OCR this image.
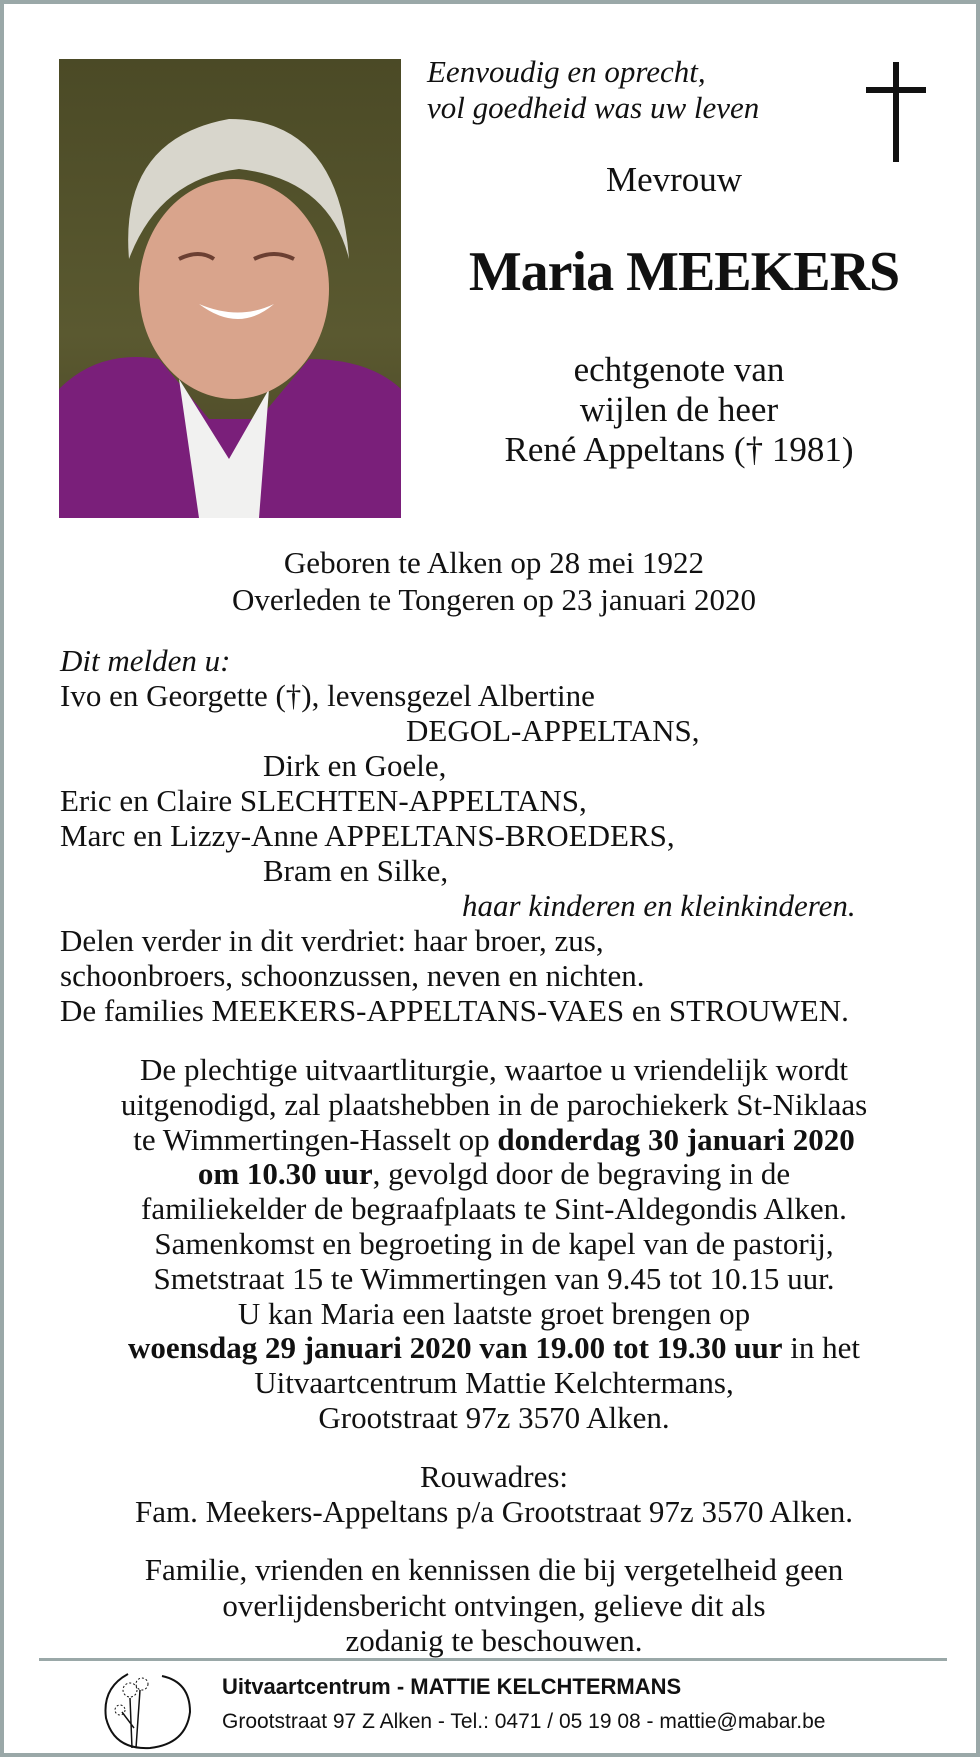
Eenvoudig en oprecht,
vol goedheid was uw leven
Mevrouw
Maria MEEKERS
echtgenote van
wijlen de heer
René Appeltans († 1981)
Geboren te Alken op 28 mei 1922
Overleden te Tongeren op 23 januari 2020
Dit melden u:
Ivo en Georgette (†), levensgezel Albertine
DEGOL-APPELTANS,
Dirk en Goele,
Eric en Claire SLECHTEN-APPELTANS,
Marc en Lizzy-Anne APPELTANS-BROEDERS,
Bram en Silke,
haar kinderen en kleinkinderen.
Delen verder in dit verdriet: haar broer, zus,
schoonbroers, schoonzussen, neven en nichten.
De families MEEKERS-APPELTANS-VAES en STROUWEN.
De plechtige uitvaartliturgie, waartoe u vriendelijk wordt
uitgenodigd, zal plaatshebben in de parochiekerk St-Niklaas
te Wimmertingen-Hasselt op donderdag 30 januari 2020
om 10.30 uur, gevolgd door de begraving in de
familiekelder de begraafplaats te Sint-Aldegondis Alken.
Samenkomst en begroeting in de kapel van de pastorij,
Smetstraat 15 te Wimmertingen van 9.45 tot 10.15 uur.
U kan Maria een laatste groet brengen op
woensdag 29 januari 2020 van 19.00 tot 19.30 uur in het
Uitvaartcentrum Mattie Kelchtermans,
Grootstraat 97z 3570 Alken.
Rouwadres:
Fam. Meekers-Appeltans p/a Grootstraat 97z 3570 Alken.
Familie, vrienden en kennissen die bij vergetelheid geen
overlijdensbericht ontvingen, gelieve dit als
zodanig te beschouwen.
Uitvaartcentrum - MATTIE KELCHTERMANS
Grootstraat 97 Z Alken - Tel.: 0471 / 05 19 08 - mattie@mabar.be
